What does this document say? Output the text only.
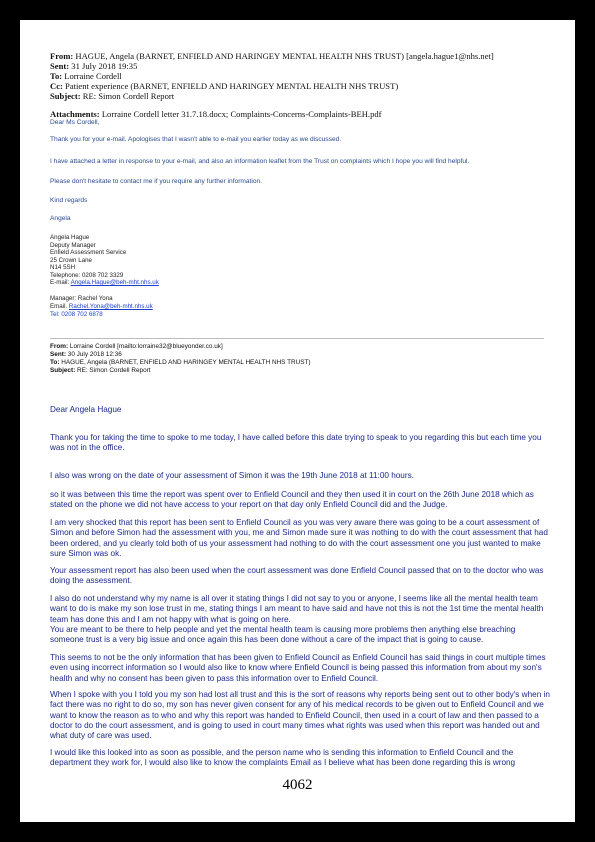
From: HAGUE, Angela (BARNET, ENFIELD AND HARINGEY MENTAL HEALTH NHS TRUST) [angela.hague1@nhs.net]
Sent: 31 July 2018 19:35
To: Lorraine Cordell
Cc: Patient experience (BARNET, ENFIELD AND HARINGEY MENTAL HEALTH NHS TRUST)
Subject: RE: Simon Cordell Report
Attachments: Lorraine Cordell letter 31.7.18.docx; Complaints-Concerns-Complaints-BEH.pdf
Dear Ms Cordell,
Thank you for your e-mail. Apologises that I wasn't able to e-mail you earlier today as we discussed.
I have attached a letter in response to your e-mail, and also an information leaflet from the Trust on complaints which I hope you will find helpful.
Please don't hesitate to contact me if you require any further information.
Kind regards
Angela
Angela Hague
Deputy Manager
Enfield Assessment Service
25 Crown Lane
N14 5SH
Telephone: 0208 702 3329
E-mail: Angela.Hague@beh-mht.nhs.uk
Manager: Rachel Yona
Email. Rachel.Yona@beh-mht.nhs.uk
Tel: 0208 702 6878
From: Lorraine Cordell [mailto:lorraine32@blueyonder.co.uk]
Sent: 30 July 2018 12:36
To: HAGUE, Angela (BARNET, ENFIELD AND HARINGEY MENTAL HEALTH NHS TRUST)
Subject: RE: Simon Cordell Report
Dear Angela Hague
Thank you for taking the time to spoke to me today, I have called before this date trying to speak to you regarding this but each time you was not in the office.
I also was wrong on the date of your assessment of Simon it was the 19th June 2018 at 11:00 hours.
so it was between this time the report was spent over to Enfield Council and they then used it in court on the 26th June 2018 which as stated on the phone we did not have access to your report on that day only Enfield Council did and the Judge.
I am very shocked that this report has been sent to Enfield Council as you was very aware there was going to be a court assessment of Simon and before Simon had the assessment with you, me and Simon made sure it was nothing to do with the court assessment that had been ordered, and yu clearly told both of us your assessment had nothing to do with the court assessment one you just wanted to make sure Simon was ok.
Your assessment report has also been used when the court assessment was done Enfield Council passed that on to the doctor who was doing the assessment.

I also do not understand why my name is all over it stating things I did not say to you or anyone, I seems like all the mental health team want to do is make my son lose trust in me, stating things I am meant to have said and have not this is not the 1st time the mental health team has done this and I am not happy with what is going on here.

You are meant to be there to help people and yet the mental health team is causing more problems then anything else breaching someone trust is a very big issue and once again this has been done without a care of the impact that is going to cause.

This seems to not be the only information that has been given to Enfield Council as Enfield Council has said things in court multiple times even using incorrect information so I would also like to know where Enfield Council is being passed this information from about my son's health and why no consent has been given to pass this information over to Enfield Council.
When I spoke with you I told you my son had lost all trust and this is the sort of reasons why reports being sent out to other body's when in fact there was no right to do so, my son has never given consent for any of his medical records to be given out to Enfield Council and we want to know the reason as to who and why this report was handed to Enfield Council, then used in a court of law and then passed to a doctor to do the court assessment, and is going to used in court many times what rights was used when this report was handed out and what duty of care was used.
I would like this looked into as soon as possible, and the person name who is sending this information to Enfield Council and the department they work for, I would also like to know the complaints Email as I believe what has been done regarding this is wrong
4062
